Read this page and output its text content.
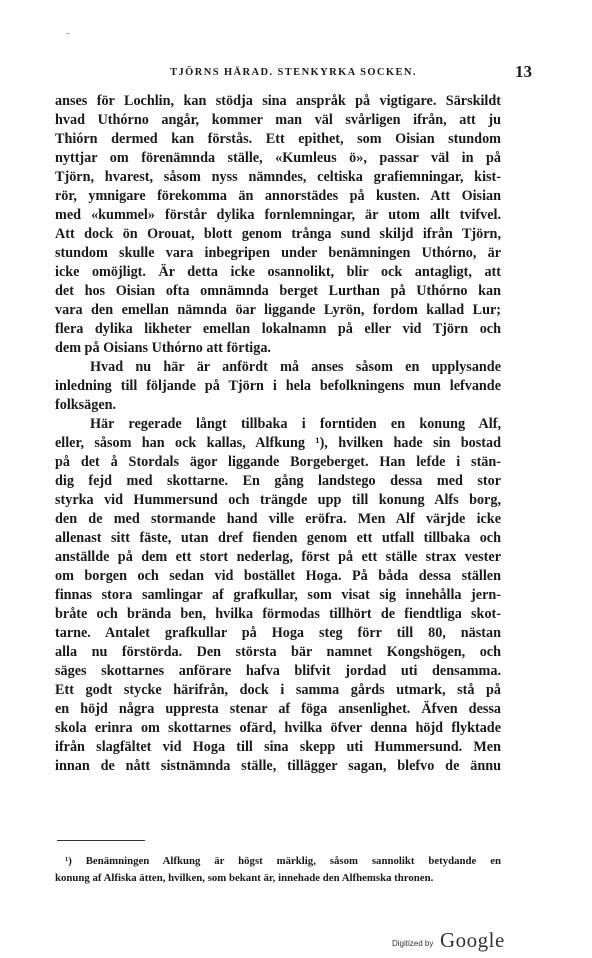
-
TJÖRNS HÄRAD. STENKYRKA SOCKEN.	13
anses för Lochlin, kan stödja sina anspråk på vigtigare. Särskildt
hvad Uthórno angår, kommer man väl svårligen ifrån, att ju
Thiórn dermed kan förstås. Ett epithet, som Oisian stundom
nyttjar om förenämnda ställe, «Kumleus ö», passar väl in på
Tjörn, hvarest, såsom nyss nämndes, celtiska grafiemningar, kist-
rör, ymnigare förekomma än annorstädes på kusten. Att Oisian
med «kummel» förstår dylika fornlemningar, är utom allt tvifvel.
Att dock ön Orouat, blott genom trånga sund skiljd ifrån Tjörn,
stundom skulle vara inbegripen under benämningen Uthórno, är
icke omöjligt. Är detta icke osannolikt, blir ock antagligt, att
det hos Oisian ofta omnämnda berget Lurthan på Uthórno kan
vara den emellan nämnda öar liggande Lyrön, fordom kallad Lur;
flera dylika likheter emellan lokalnamn på eller vid Tjörn och
dem på Oisians Uthórno att förtiga.
Hvad nu här är anfördt må anses såsom en upplysande
inledning till följande på Tjörn i hela befolkningens mun lefvande
folksägen.
Här regerade långt tillbaka i forntiden en konung Alf,
eller, såsom han ock kallas, Alfkung ¹), hvilken hade sin bostad
på det å Stordals ägor liggande Borgeberget. Han lefde i stän-
dig fejd med skottarne. En gång landstego dessa med stor
styrka vid Hummersund och trängde upp till konung Alfs borg,
den de med stormande hand ville eröfra. Men Alf värjde icke
allenast sitt fäste, utan dref fienden genom ett utfall tillbaka och
anställde på dem ett stort nederlag, först på ett ställe strax vester
om borgen och sedan vid bostället Hoga. På båda dessa ställen
finnas stora samlingar af grafkullar, som visat sig innehålla jern-
bråte och brända ben, hvilka förmodas tillhört de fiendtliga skot-
tarne. Antalet grafkullar på Hoga steg förr till 80, nästan
alla nu förstörda. Den största bär namnet Kongshögen, och
säges skottarnes anförare hafva blifvit jordad uti densamma.
Ett godt stycke härifrån, dock i samma gårds utmark, stå på
en höjd några uppresta stenar af föga ansenlighet. Äfven dessa
skola erinra om skottarnes ofärd, hvilka öfver denna höjd flyktade
ifrån slagfältet vid Hoga till sina skepp uti Hummersund. Men
innan de nått sistnämnda ställe, tillägger sagan, blefvo de ännu
¹) Benämningen Alfkung är högst märklig, såsom sannolikt betydande en
konung af Alfiska ätten, hvilken, som bekant är, innehade den Alfhemska thronen.
Digitized by Google
